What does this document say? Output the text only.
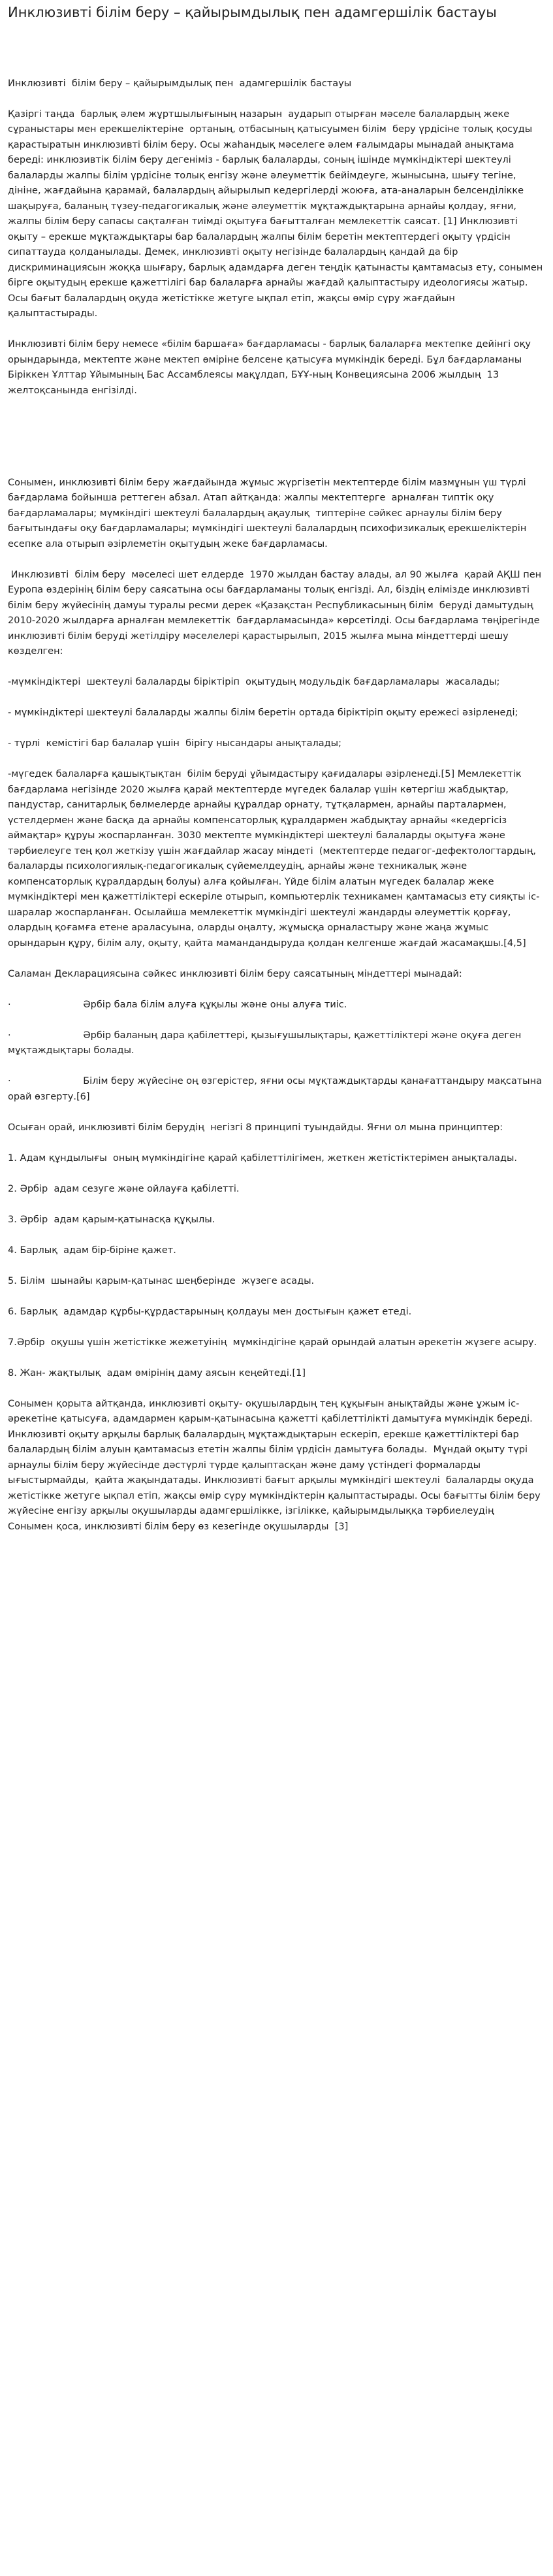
Инклюзивті білім беру – қайырымдылық пен адамгершілік бастауы

Инклюзивті  білім беру – қайырымдылық пен  адамгершілік бастауы

Қазіргі таңда  барлық әлем жұртшылығының назарын  аударып отырған мәселе балалардың жеке сұраныстары мен ерекшеліктеріне  ортаның, отбасының қатысуымен білім  беру үрдісіне толық қосуды қарастыратын инклюзивті білім беру. Осы жаһандық мәселеге әлем ғалымдары мынадай анықтама береді: инклюзивтік білім беру дегеніміз - барлық балаларды, соның ішінде мүмкіндіктері шектеулі балаларды жалпы білім үрдісіне толық енгізу және әлеуметтік бейімдеуге, жынысына, шығу тегіне, дініне, жағдайына қарамай, балалардың айырылып кедергілерді жоюға, ата-аналарын белсенділікке шақыруға, баланың түзеу-педагогикалық және әлеуметтік мұқтаждықтарына арнайы қолдау, яғни, жалпы білім беру сапасы сақталған тиімді оқытуға бағытталған мемлекеттік саясат. [1] Инклюзивті оқыту – ерекше мұқтаждықтары бар балалардың жалпы білім беретін мектептердегі оқыту үрдісін сипаттауда қолданылады. Демек, инклюзивті оқыту негізінде балалардың қандай да бір дискриминациясын жоққа шығару, барлық адамдарға деген теңдік қатынасты қамтамасыз ету, сонымен бірге оқытудың ерекше қажеттілігі бар балаларға арнайы жағдай қалыптастыру идеологиясы жатыр. Осы бағыт балалардың оқуда жетістікке жетуге ықпал етіп, жақсы өмір сүру жағдайын  қалыптастырады.

Инклюзивті білім беру немесе «білім баршаға» бағдарламасы - барлық балаларға мектепке дейінгі оқу орындарында, мектепте және мектеп өміріне белсене қатысуға мүмкіндік береді. Бұл бағдарламаны  Біріккен Ұлттар Ұйымының Бас Ассамблеясы мақұлдап, БҰҰ-ның Конвециясына 2006 жылдың  13 желтоқсанында енгізілді.

Сонымен, инклюзивті білім беру жағдайында жұмыс жүргізетін мектептерде білім мазмұнын үш түрлі  бағдарлама бойынша реттеген абзал. Атап айтқанда: жалпы мектептерге  арналған типтік оқу бағдарламалары; мүмкіндігі шектеулі балалардың ақаулық  типтеріне сәйкес арнаулы білім беру бағытындағы оқу бағдарламалары; мүмкіндігі шектеулі балалардың психофизикалық ерекшеліктерін есепке ала отырып әзірлеметін оқытудың жеке бағдарламасы.

Инклюзивті  білім беру  мәселесі шет елдерде  1970 жылдан бастау алады, ал 90 жылға  қарай АҚШ пен Еуропа өздерінің білім беру саясатына осы бағдарламаны толық енгізді. Ал, біздің елімізде инклюзивті білім беру жүйесінің дамуы туралы ресми дерек «Қазақстан Республикасының білім  беруді дамытудың 2010-2020 жылдарға арналған мемлекеттік  бағдарламасында» көрсетілді. Осы бағдарлама төңірегінде инклюзивті білім беруді жетілдіру мәселелері қарастырылып, 2015 жылға мына міндеттерді шешу көзделген:

-мүмкіндіктері  шектеулі балаларды біріктіріп  оқытудың модульдік бағдарламалары  жасалады;

- мүмкіндіктері шектеулі балаларды жалпы білім беретін ортада біріктіріп оқыту ережесі әзірленеді;

- түрлі  кемістігі бар балалар үшін  бірігу нысандары анықталады;

-мүгедек балаларға қашықтықтан  білім беруді ұйымдастыру қағидалары әзірленеді.[5] Мемлекеттік бағдарлама негізінде 2020 жылға қарай мектептерде мүгедек балалар үшін көтергіш жабдықтар, пандустар, санитарлық бөлмелерде арнайы құралдар орнату, тұтқалармен, арнайы парталармен, үстелдермен және басқа да арнайы компенсаторлық құралдармен жабдықтау арнайы «кедергісіз аймақтар» құруы жоспарланған. 3030 мектепте мүмкіндіктері шектеулі балаларды оқытуға және тәрбиелеуге тең қол жеткізу үшін жағдайлар жасау міндеті  (мектептерде педагог-дефектологтардың, балаларды психологиялық-педагогикалық сүйемелдеудің, арнайы және техникалық және компенсаторлық құралдардың болуы) алға қойылған. Үйде білім алатын мүгедек балалар жеке мүмкіндіктері мен қажеттіліктері ескеріле отырып, компьютерлік техникамен қамтамасыз ету сияқты іс-шаралар жоспарланған. Осылайша мемлекеттік мүмкіндігі шектеулі жандарды әлеуметтік қорғау, олардың қоғамға етене араласуына, оларды оңалту, жұмысқа орналастыру және жаңа жұмыс орындарын құру, білім алу, оқыту, қайта мамандандыруда қолдан келгенше жағдай жасамақшы.[4,5]

Саламан Декларациясына сәйкес инклюзивті білім беру саясатының міндеттері мынадай:

·                        Әрбір бала білім алуға құқылы және оны алуға тиіс.

·                        Әрбір баланың дара қабілеттері, қызығушылықтары, қажеттіліктері және оқуға деген мұқтаждықтары болады.

·                        Білім беру жүйесіне оң өзгерістер, яғни осы мұқтаждықтарды қанағаттандыру мақсатына орай өзгерту.[6]

Осыған орай, инклюзивті білім берудің  негізгі 8 принципі туындайды. Яғни ол мына принциптер:

1. Адам құндылығы  оның мүмкіндігіне қарай қабілеттілігімен, жеткен жетістіктерімен анықталады.

2. Әрбір  адам сезуге және ойлауға қабілетті.

3. Әрбір  адам қарым-қатынасқа құқылы.

4. Барлық  адам бір-біріне қажет.

5. Білім  шынайы қарым-қатынас шеңберінде  жүзеге асады.

6. Барлық  адамдар құрбы-құрдастарының қолдауы мен достығын қажет етеді.

7.Әрбір  оқушы үшін жетістікке жежетуінің  мүмкіндігіне қарай орындай алатын әрекетін жүзеге асыру.

8. Жан- жақтылық  адам өмірінің даму аясын кеңейтеді.[1]

Сонымен қорыта айтқанда, инклюзивті оқыту- оқушылардың тең құқығын анықтайды және ұжым іс-әрекетіне қатысуға, адамдармен қарым-қатынасына қажетті қабілеттілікті дамытуға мүмкіндік береді. Инклюзивті оқыту арқылы барлық балалардың мұқтаждықтарын ескеріп, ерекше қажеттіліктері бар балалардың білім алуын қамтамасыз ететін жалпы білім үрдісін дамытуға болады.  Мұндай оқыту түрі  арнаулы білім беру жүйесінде дәстүрлі түрде қалыптасқан және даму үстіндегі формаларды ығыстырмайды,  қайта жақындатады. Инклюзивті бағыт арқылы мүмкіндігі шектеулі  балаларды оқуда жетістікке жетуге ықпал етіп, жақсы өмір сүру мүмкіндіктерін қалыптастырады. Осы бағытты білім беру жүйесіне енгізу арқылы оқушыларды адамгершілікке, ізгілікке, қайырымдылыққа тәрбиелеудің  Сонымен қоса, инклюзивті білім беру өз кезегінде оқушыларды  [3]
